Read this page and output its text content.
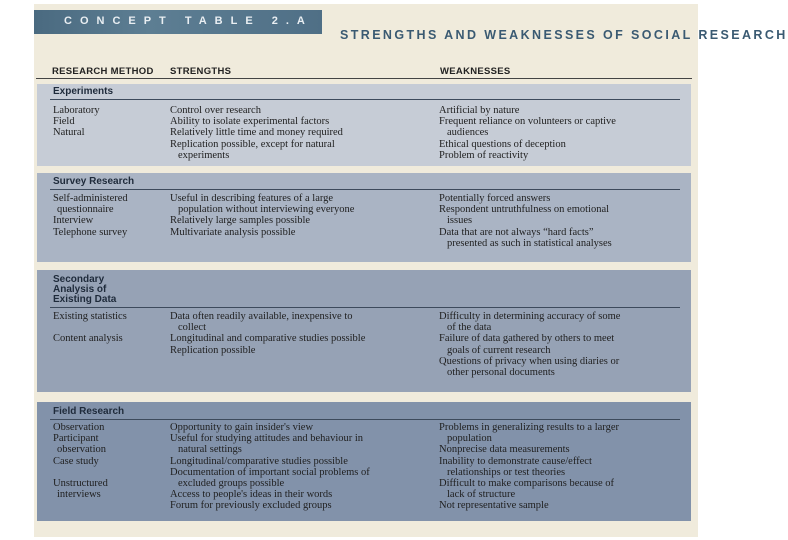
CONCEPT TABLE 2.A
STRENGTHS AND WEAKNESSES OF SOCIAL RESEARCH
RESEARCH METHOD STRENGTHS	WEAKNESSES
Experiments
Laboratory
Field
Natural
Control over research
Ability to isolate experimental factors
Relatively little time and money required
Replication possible, except for natural
experiments
Artificial by nature
Frequent reliance on volunteers or captive
audiences
Ethical questions of deception
Problem of reactivity
Survey Research
Self-administered
questionnaire
Interview
Telephone survey
Useful in describing features of a large
population without interviewing everyone
Relatively large samples possible
Multivariate analysis possible
Potentially forced answers
Respondent untruthfulness on emotional
issues
Data that are not always “hard facts”
presented as such in statistical analyses
Secondary
Analysis of
Existing Data
Existing statistics
Content analysis
Data often readily available, inexpensive to
collect
Longitudinal and comparative studies possible
Replication possible
Difficulty in determining accuracy of some
of the data
Failure of data gathered by others to meet
goals of current research
Questions of privacy when using diaries or
other personal documents
Field Research
Observation
Participant
observation
Case study
Unstructured
interviews
Opportunity to gain insider's view
Useful for studying attitudes and behaviour in
natural settings
Longitudinal/comparative studies possible
Documentation of important social problems of
excluded groups possible
Access to people's ideas in their words
Forum for previously excluded groups
Problems in generalizing results to a larger
population
Nonprecise data measurements
Inability to demonstrate cause/effect
relationships or test theories
Difficult to make comparisons because of
lack of structure
Not representative sample
